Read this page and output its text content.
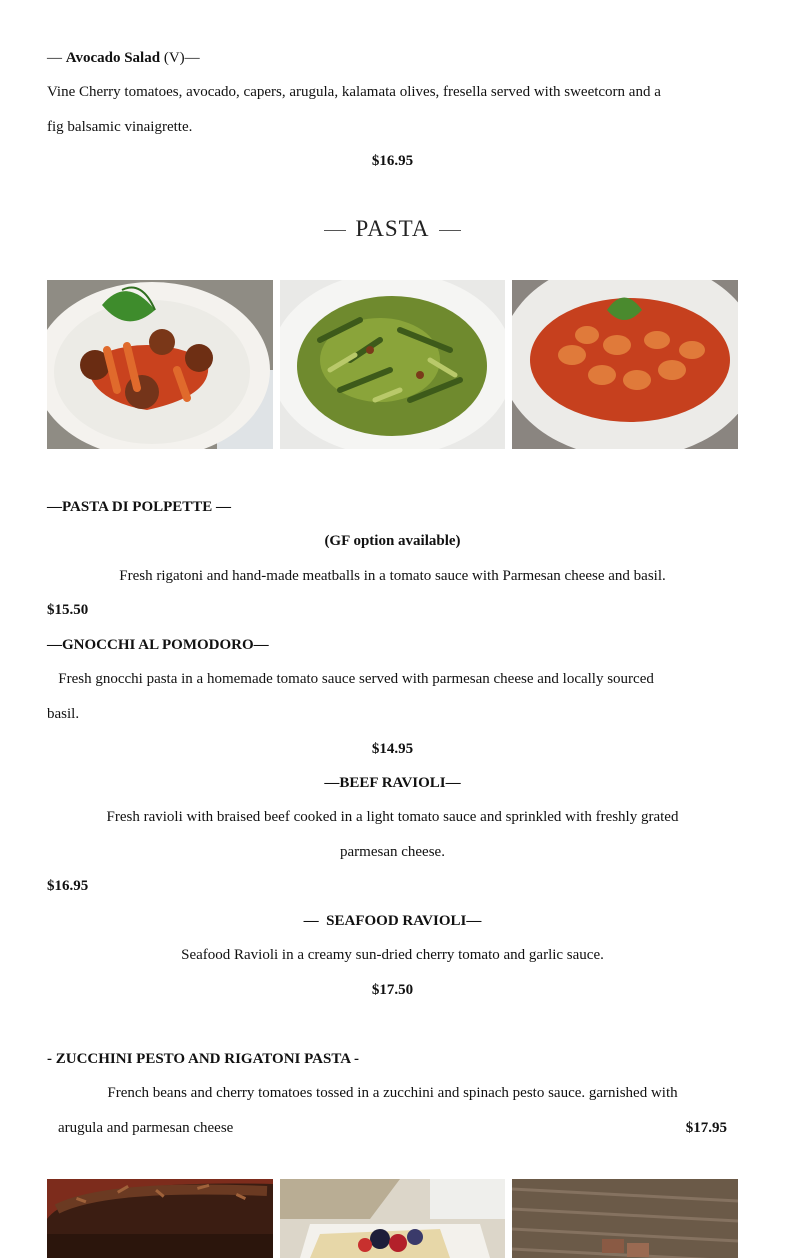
— Avocado Salad (V)—
Vine Cherry tomatoes, avocado, capers, arugula, kalamata olives, fresella served with sweetcorn and a
fig balsamic vinaigrette.
$16.95
PASTA
—PASTA DI POLPETTE —
(GF option available)
Fresh rigatoni and hand-made meatballs in a tomato sauce with Parmesan cheese and basil.
$15.50
—GNOCCHI AL POMODORO—
Fresh gnocchi pasta in a homemade tomato sauce served with parmesan cheese and locally sourced
basil.
$14.95
—BEEF RAVIOLI—
Fresh ravioli with braised beef cooked in a light tomato sauce and sprinkled with freshly grated
parmesan cheese.
$16.95
—  SEAFOOD RAVIOLI—
Seafood Ravioli in a creamy sun-dried cherry tomato and garlic sauce.
$17.50
- ZUCCHINI PESTO AND RIGATONI PASTA -
French beans and cherry tomatoes tossed in a zucchini and spinach pesto sauce. garnished with
arugula and parmesan cheese	$17.95
